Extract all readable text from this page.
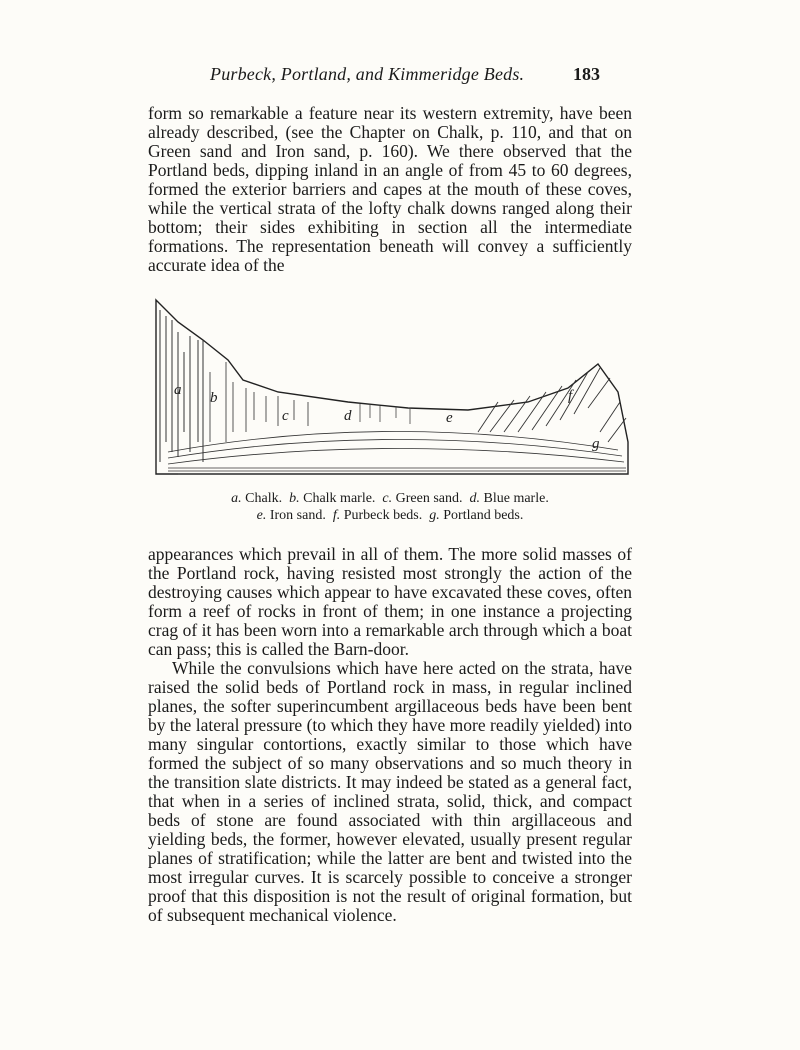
Purbeck, Portland, and Kimmeridge Beds.	183

form so remarkable a feature near its western extremity, have been already described, (see the Chapter on Chalk, p. 110, and that on Green sand and Iron sand, p. 160). We there observed that the Portland beds, dipping inland in an angle of from 45 to 60 degrees, formed the exterior barriers and capes at the mouth of these coves, while the vertical strata of the lofty chalk downs ranged along their bottom; their sides exhibiting in section all the intermediate formations. The representation beneath will convey a sufficiently accurate idea of the

a b
c	d	e
f
g
a. Chalk. b. Chalk marle. c. Green sand. d. Blue marle.
e. Iron sand. f. Purbeck beds. g. Portland beds.

appearances which prevail in all of them. The more solid masses of the Portland rock, having resisted most strongly the action of the destroying causes which appear to have excavated these coves, often form a reef of rocks in front of them; in one instance a projecting crag of it has been worn into a remarkable arch through which a boat can pass; this is called the Barn-door.

While the convulsions which have here acted on the strata, have raised the solid beds of Portland rock in mass, in regular inclined planes, the softer superincumbent argillaceous beds have been bent by the lateral pressure (to which they have more readily yielded) into many singular contortions, exactly similar to those which have formed the subject of so many observations and so much theory in the transition slate districts. It may indeed be stated as a general fact, that when in a series of inclined strata, solid, thick, and compact beds of stone are found associated with thin argillaceous and yielding beds, the former, however elevated, usually present regular planes of stratification; while the latter are bent and twisted into the most irregular curves. It is scarcely possible to conceive a stronger proof that this disposition is not the result of original formation, but of subsequent mechanical violence.
